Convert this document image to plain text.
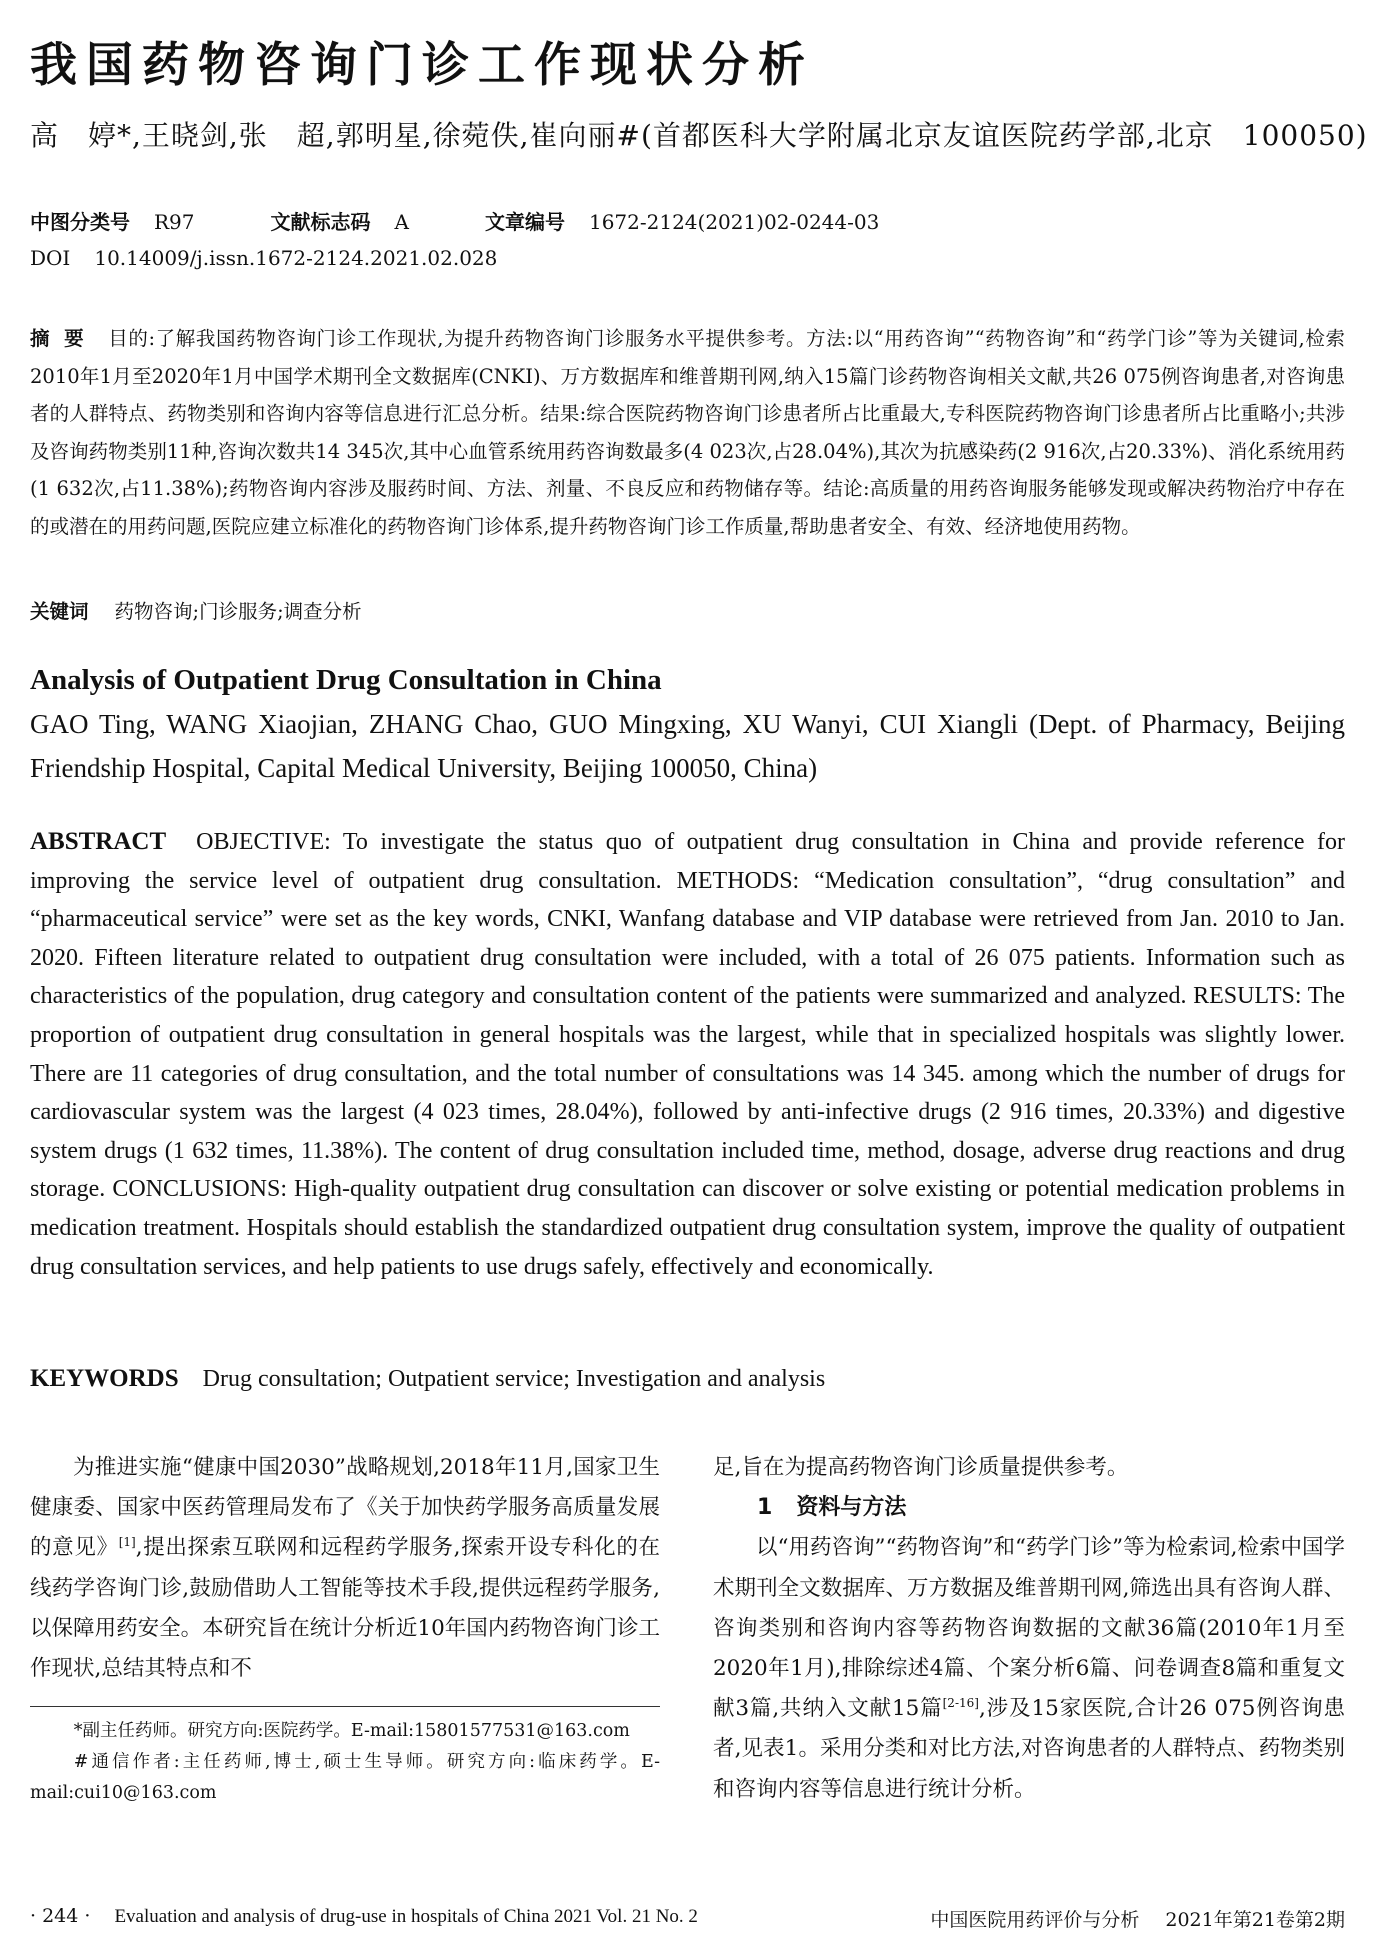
我国药物咨询门诊工作现状分析
高　婷*,王晓剑,张　超,郭明星,徐菀佚,崔向丽#(首都医科大学附属北京友谊医院药学部,北京　100050)
中图分类号 R97	文献标志码 A	文章编号 1672-2124(2021)02-0244-03
DOI 10.14009/j.issn.1672-2124.2021.02.028
摘要 目的:了解我国药物咨询门诊工作现状,为提升药物咨询门诊服务水平提供参考。方法:以“用药咨询”“药物咨询”和“药学门诊”等为关键词,检索2010年1月至2020年1月中国学术期刊全文数据库(CNKI)、万方数据库和维普期刊网,纳入15篇门诊药物咨询相关文献,共26 075例咨询患者,对咨询患者的人群特点、药物类别和咨询内容等信息进行汇总分析。结果:综合医院药物咨询门诊患者所占比重最大,专科医院药物咨询门诊患者所占比重略小;共涉及咨询药物类别11种,咨询次数共14 345次,其中心血管系统用药咨询数最多(4 023次,占28.04%),其次为抗感染药(2 916次,占20.33%)、消化系统用药(1 632次,占11.38%);药物咨询内容涉及服药时间、方法、剂量、不良反应和药物储存等。结论:高质量的用药咨询服务能够发现或解决药物治疗中存在的或潜在的用药问题,医院应建立标准化的药物咨询门诊体系,提升药物咨询门诊工作质量,帮助患者安全、有效、经济地使用药物。
关键词 药物咨询;门诊服务;调查分析
Analysis of Outpatient Drug Consultation in China
GAO Ting, WANG Xiaojian, ZHANG Chao, GUO Mingxing, XU Wanyi, CUI Xiangli (Dept. of Pharmacy, Beijing Friendship Hospital, Capital Medical University, Beijing 100050, China)
ABSTRACT OBJECTIVE: To investigate the status quo of outpatient drug consultation in China and provide reference for improving the service level of outpatient drug consultation. METHODS: “Medication consultation”, “drug consultation” and “pharmaceutical service” were set as the key words, CNKI, Wanfang database and VIP database were retrieved from Jan. 2010 to Jan. 2020. Fifteen literature related to outpatient drug consultation were included, with a total of 26 075 patients. Information such as characteristics of the population, drug category and consultation content of the patients were summarized and analyzed. RESULTS: The proportion of outpatient drug consultation in general hospitals was the largest, while that in specialized hospitals was slightly lower. There are 11 categories of drug consultation, and the total number of consultations was 14 345. among which the number of drugs for cardiovascular system was the largest (4 023 times, 28.04%), followed by anti-infective drugs (2 916 times, 20.33%) and digestive system drugs (1 632 times, 11.38%). The content of drug consultation included time, method, dosage, adverse drug reactions and drug storage. CONCLUSIONS: High-quality outpatient drug consultation can discover or solve existing or potential medication problems in medication treatment. Hospitals should establish the standardized outpatient drug consultation system, improve the quality of outpatient drug consultation services, and help patients to use drugs safely, effectively and economically.
KEYWORDS Drug consultation; Outpatient service; Investigation and analysis

为推进实施“健康中国2030”战略规划,2018年11月,国家卫生健康委、国家中医药管理局发布了《关于加快药学服务高质量发展的意见》[1],提出探索互联网和远程药学服务,探索开设专科化的在线药学咨询门诊,鼓励借助人工智能等技术手段,提供远程药学服务,以保障用药安全。本研究旨在统计分析近10年国内药物咨询门诊工作现状,总结其特点和不

*副主任药师。研究方向:医院药学。E-mail:15801577531@163.com

#通信作者:主任药师,博士,硕士生导师。研究方向:临床药学。E-mail:cui10@163.com

足,旨在为提高药物咨询门诊质量提供参考。

1 资料与方法

以“用药咨询”“药物咨询”和“药学门诊”等为检索词,检索中国学术期刊全文数据库、万方数据及维普期刊网,筛选出具有咨询人群、咨询类别和咨询内容等药物咨询数据的文献36篇(2010年1月至2020年1月),排除综述4篇、个案分析6篇、问卷调查8篇和重复文献3篇,共纳入文献15篇[2-16],涉及15家医院,合计26 075例咨询患者,见表1。采用分类和对比方法,对咨询患者的人群特点、药物类别和咨询内容等信息进行统计分析。

· 244 · Evaluation and analysis of drug-use in hospitals of China 2021 Vol. 21 No. 2	中国医院用药评价与分析 2021年第21卷第2期
